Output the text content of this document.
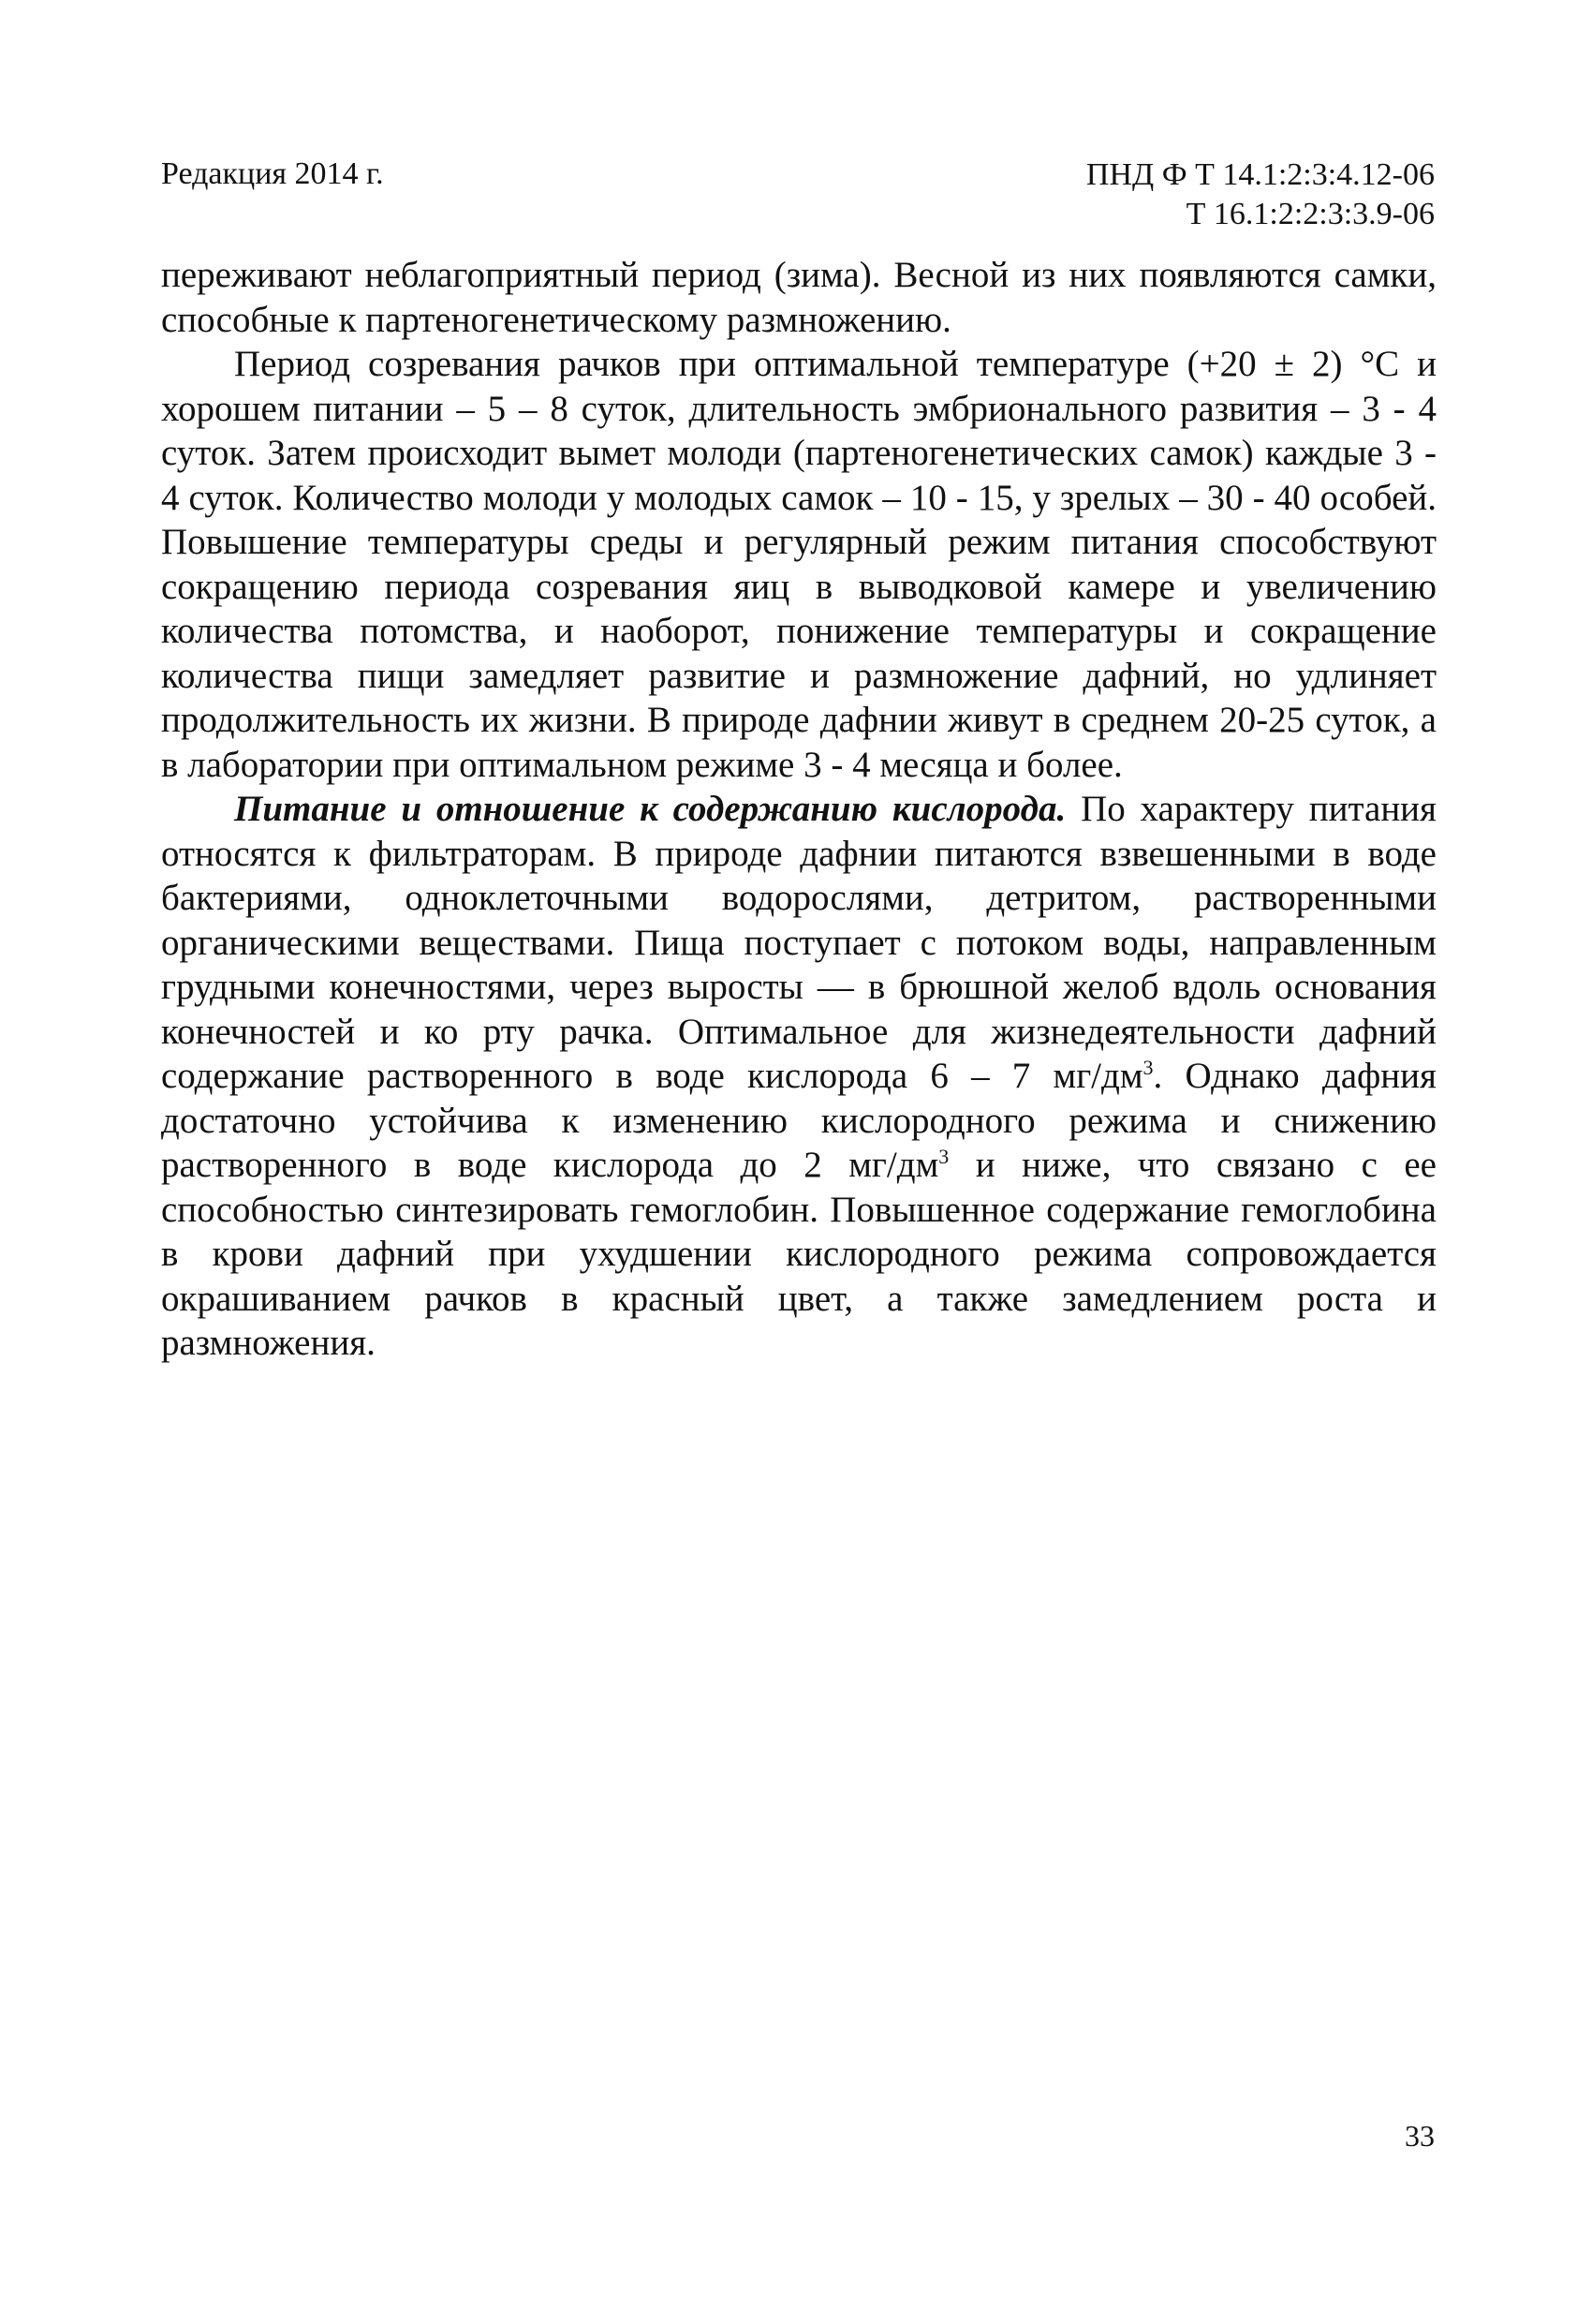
Редакция 2014 г.	ПНД Ф Т 14.1:2:3:4.12-06
Т 16.1:2:2:3:3.9-06

переживают неблагоприятный период (зима). Весной из них появляются самки, способные к партеногенетическому размножению.

Период созревания рачков при оптимальной температуре (+20 ± 2) °С и хорошем питании – 5 – 8 суток, длительность эмбрионального развития – 3 - 4 суток. Затем происходит вымет молоди (партеногенетических самок) каждые 3 - 4 суток. Количество молоди у молодых самок – 10 - 15, у зрелых – 30 - 40 особей. Повышение температуры среды и регулярный режим питания способствуют сокращению периода созревания яиц в выводковой камере и увеличению количества потомства, и наоборот, понижение температуры и сокращение количества пищи замедляет развитие и размножение дафний, но удлиняет продолжительность их жизни. В природе дафнии живут в среднем 20-25 суток, а в лаборатории при оптимальном режиме 3 - 4 месяца и более.

Питание и отношение к содержанию кислорода. По характеру питания относятся к фильтраторам. В природе дафнии питаются взвешенными в воде бактериями, одноклеточными водорослями, детритом, растворенными органическими веществами. Пища поступает с потоком воды, направленным грудными конечностями, через выросты — в брюшной желоб вдоль основания конечностей и ко рту рачка. Оптимальное для жизнедеятельности дафний содержание растворенного в воде кислорода 6 – 7 $мг/дм^3$. Однако дафния достаточно устойчива к изменению кислородного режима и снижению растворенного в воде кислорода до 2 $мг/дм^3$ и ниже, что связано с ее способностью синтезировать гемоглобин. Повышенное содержание гемоглобина в крови дафний при ухудшении кислородного режима сопровождается окрашиванием рачков в красный цвет, а также замедлением роста и размножения.

33
